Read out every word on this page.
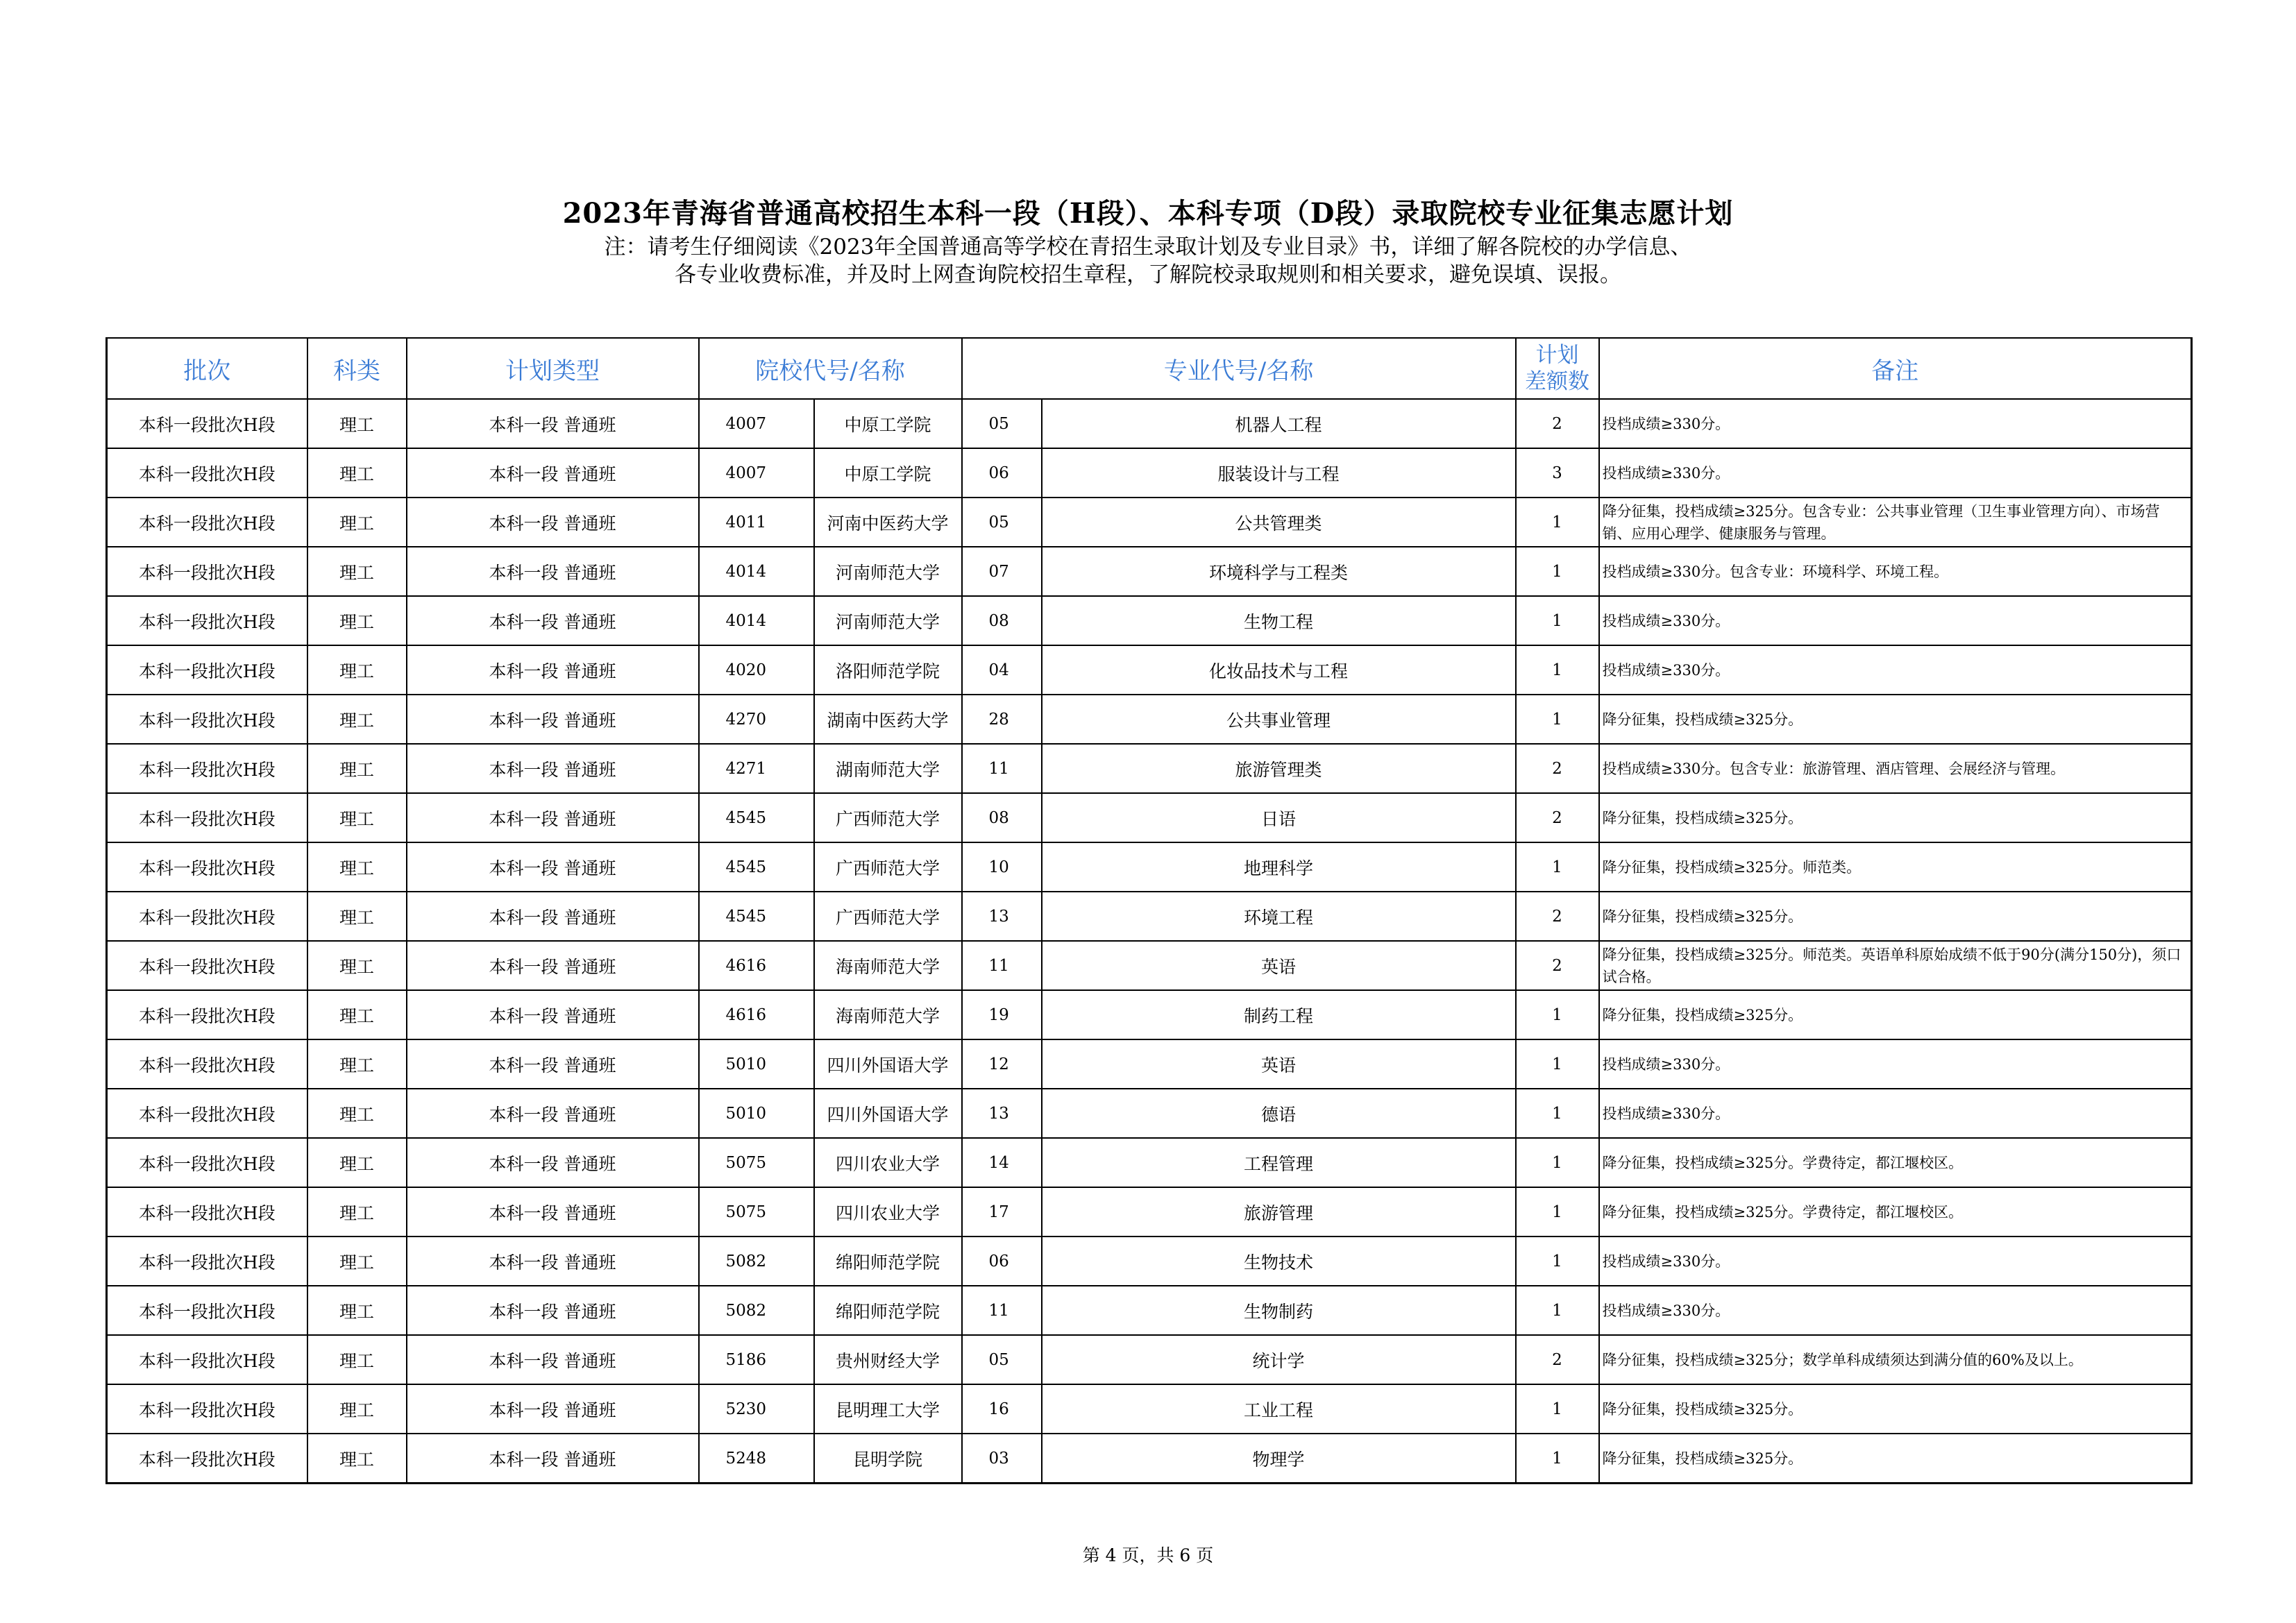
2023年青海省普通高校招生本科一段（H段）、本科专项（D段）录取院校专业征集志愿计划
注：请考生仔细阅读《2023年全国普通高等学校在青招生录取计划及专业目录》书，详细了解各院校的办学信息、
各专业收费标准，并及时上网查询院校招生章程，了解院校录取规则和相关要求，避免误填、误报。
批次	科类	计划类型	院校代号/名称		专业代号/名称		计划
差额数	备注
本科一段批次H段	理工	本科一段 普通班	4007	中原工学院	05	机器人工程	2	投档成绩≥330分。
本科一段批次H段	理工	本科一段 普通班	4007	中原工学院	06	服装设计与工程	3	投档成绩≥330分。
本科一段批次H段	理工	本科一段 普通班	4011	河南中医药大学	05	公共管理类	1	降分征集，投档成绩≥325分。包含专业：公共事业管理（卫生事业管理方向）、市场营销、应用心理学、健康服务与管理。
本科一段批次H段	理工	本科一段 普通班	4014	河南师范大学	07	环境科学与工程类	1	投档成绩≥330分。包含专业：环境科学、环境工程。
本科一段批次H段	理工	本科一段 普通班	4014	河南师范大学	08	生物工程	1	投档成绩≥330分。
本科一段批次H段	理工	本科一段 普通班	4020	洛阳师范学院	04	化妆品技术与工程	1	投档成绩≥330分。
本科一段批次H段	理工	本科一段 普通班	4270	湖南中医药大学	28	公共事业管理	1	降分征集，投档成绩≥325分。
本科一段批次H段	理工	本科一段 普通班	4271	湖南师范大学	11	旅游管理类	2	投档成绩≥330分。包含专业：旅游管理、酒店管理、会展经济与管理。
本科一段批次H段	理工	本科一段 普通班	4545	广西师范大学	08	日语	2	降分征集，投档成绩≥325分。
本科一段批次H段	理工	本科一段 普通班	4545	广西师范大学	10	地理科学	1	降分征集，投档成绩≥325分。师范类。
本科一段批次H段	理工	本科一段 普通班	4545	广西师范大学	13	环境工程	2	降分征集，投档成绩≥325分。
本科一段批次H段	理工	本科一段 普通班	4616	海南师范大学	11	英语	2	降分征集，投档成绩≥325分。师范类。英语单科原始成绩不低于90分(满分150分)，须口试合格。
本科一段批次H段	理工	本科一段 普通班	4616	海南师范大学	19	制药工程	1	降分征集，投档成绩≥325分。
本科一段批次H段	理工	本科一段 普通班	5010	四川外国语大学	12	英语	1	投档成绩≥330分。
本科一段批次H段	理工	本科一段 普通班	5010	四川外国语大学	13	德语	1	投档成绩≥330分。
本科一段批次H段	理工	本科一段 普通班	5075	四川农业大学	14	工程管理	1	降分征集，投档成绩≥325分。学费待定，都江堰校区。
本科一段批次H段	理工	本科一段 普通班	5075	四川农业大学	17	旅游管理	1	降分征集，投档成绩≥325分。学费待定，都江堰校区。
本科一段批次H段	理工	本科一段 普通班	5082	绵阳师范学院	06	生物技术	1	投档成绩≥330分。
本科一段批次H段	理工	本科一段 普通班	5082	绵阳师范学院	11	生物制药	1	投档成绩≥330分。
本科一段批次H段	理工	本科一段 普通班	5186	贵州财经大学	05	统计学	2	降分征集，投档成绩≥325分；数学单科成绩须达到满分值的60%及以上。
本科一段批次H段	理工	本科一段 普通班	5230	昆明理工大学	16	工业工程	1	降分征集，投档成绩≥325分。
本科一段批次H段	理工	本科一段 普通班	5248	昆明学院	03	物理学	1	降分征集，投档成绩≥325分。
第 4 页，共 6 页
